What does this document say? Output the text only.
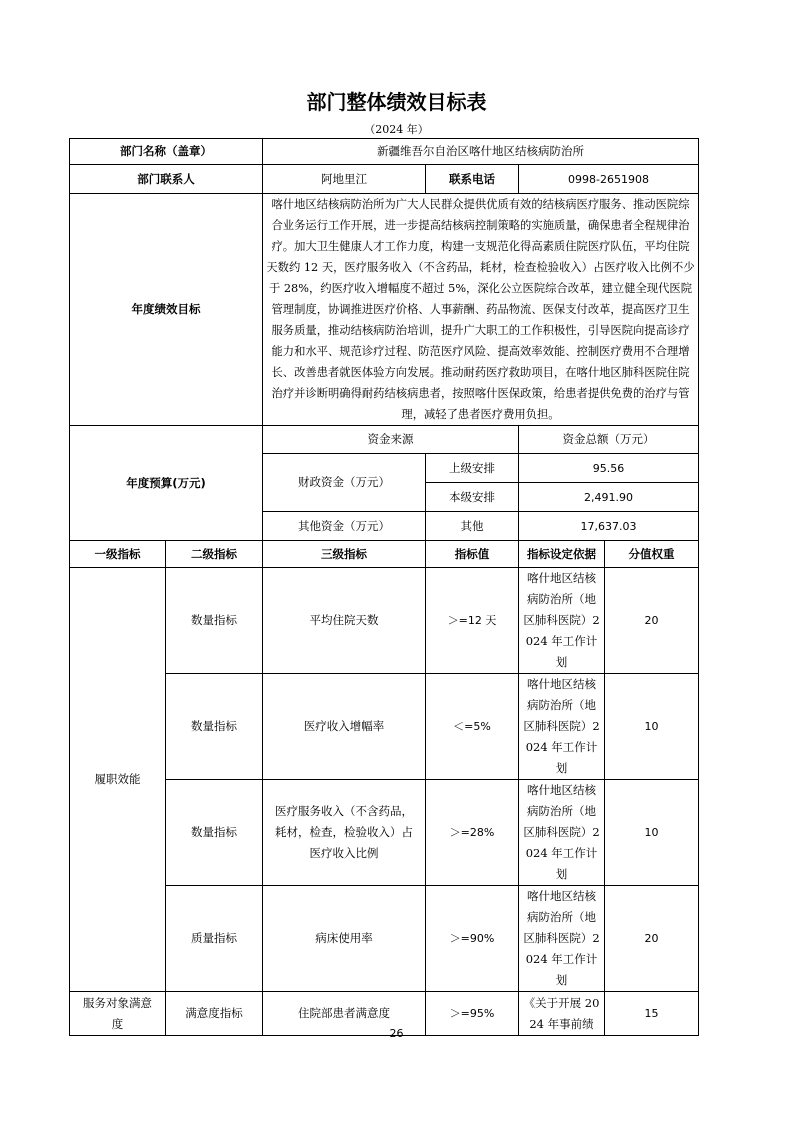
部门整体绩效目标表
（2024 年）
部门名称（盖章）		新疆维吾尔自治区喀什地区结核病防治所			
部门联系人		阿地里江	联系电话	0998-2651908	
年度绩效目标		喀什地区结核病防治所为广大人民群众提供优质有效的结核病医疗服务、推动医院综合业务运行工作开展，进一步提高结核病控制策略的实施质量，确保患者全程规律治疗。加大卫生健康人才工作力度，构建一支规范化得高素质住院医疗队伍，平均住院天数约 12 天，医疗服务收入（不含药品，耗材，检查检验收入）占医疗收入比例不少于 28%，约医疗收入增幅度不超过 5%，深化公立医院综合改革，建立健全现代医院管理制度，协调推进医疗价格、人事薪酬、药品物流、医保支付改革，提高医疗卫生服务质量，推动结核病防治培训，提升广大职工的工作积极性，引导医院向提高诊疗能力和水平、规范诊疗过程、防范医疗风险、提高效率效能、控制医疗费用不合理增长、改善患者就医体验方向发展。推动耐药医疗救助项目，在喀什地区肺科医院住院治疗并诊断明确得耐药结核病患者，按照喀什医保政策，给患者提供免费的治疗与管理，减轻了患者医疗费用负担。			
年度预算(万元)		资金来源		资金总额（万元）	
		财政资金（万元）	上级安排	95.56	
			本级安排	2,491.90	
		其他资金（万元）	其他	17,637.03	
一级指标	二级指标	三级指标	指标值	指标设定依据	分值权重
履职效能	数量指标	平均住院天数	＞=12 天	喀什地区结核病防治所（地区肺科医院）2024 年工作计划	20
	数量指标	医疗收入增幅率	＜=5%	喀什地区结核病防治所（地区肺科医院）2024 年工作计划	10
	数量指标	医疗服务收入（不含药品，耗材，检查，检验收入）占医疗收入比例	＞=28%	喀什地区结核病防治所（地区肺科医院）2024 年工作计划	10
	质量指标	病床使用率	＞=90%	喀什地区结核病防治所（地区肺科医院）2024 年工作计划	20
服务对象满意度	满意度指标	住院部患者满意度	＞=95%	《关于开展 2024 年事前绩	15
26
